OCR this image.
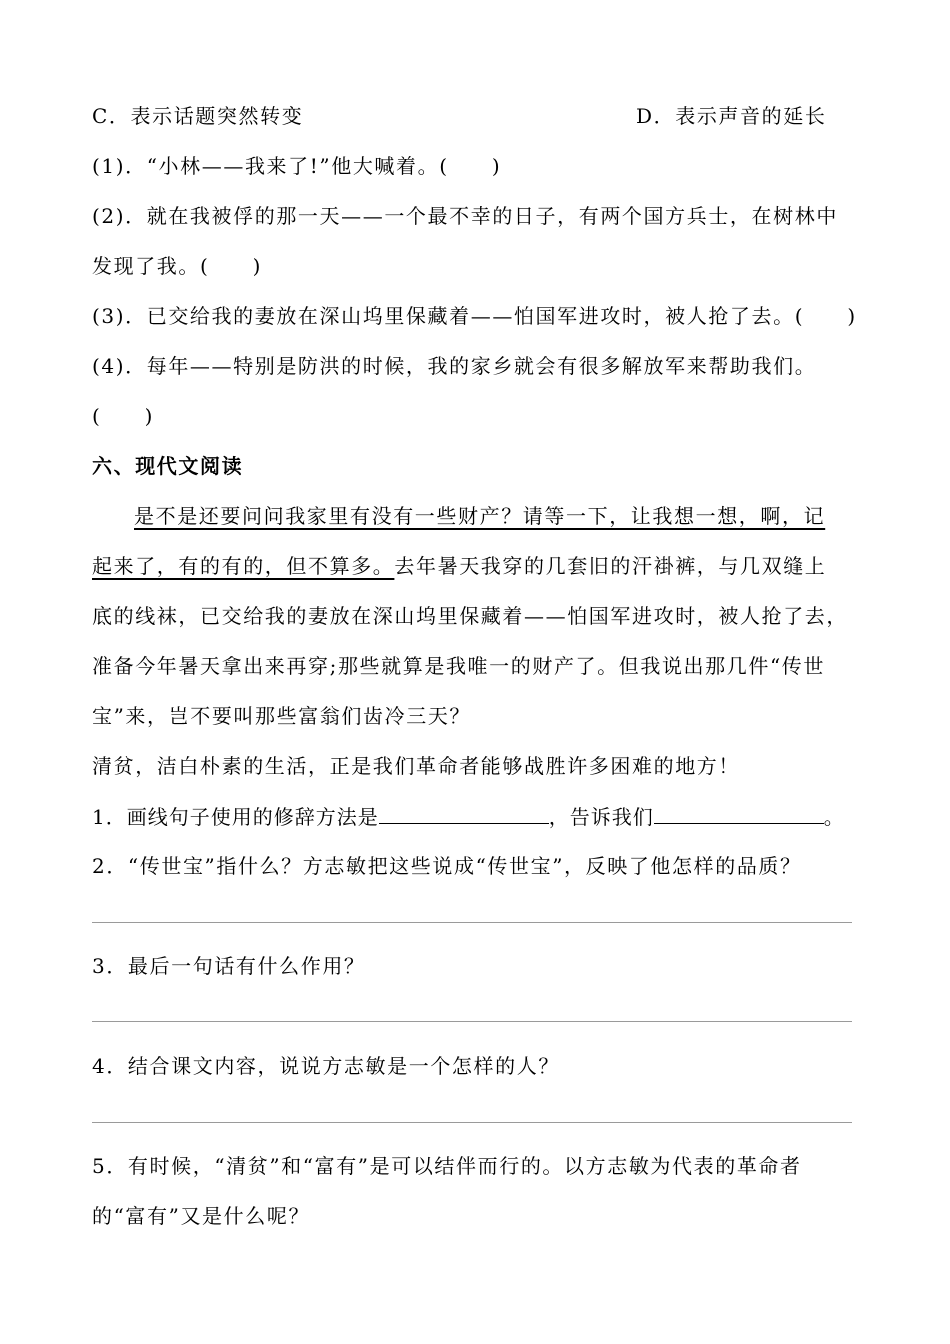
C．表示话题突然转变	D．表示声音的延长
(1)．“小林——我来了!”他大喊着。(　　)
(2)．就在我被俘的那一天——一个最不幸的日子，有两个国方兵士，在树林中
发现了我。(　　)
(3)．已交给我的妻放在深山坞里保藏着——怕国军进攻时，被人抢了去。(　　)
(4)．每年——特别是防洪的时候，我的家乡就会有很多解放军来帮助我们。
(　　)
六、现代文阅读
是不是还要问问我家里有没有一些财产？请等一下，让我想一想，啊，记
起来了，有的有的，但不算多。去年暑天我穿的几套旧的汗褂裤，与几双缝上
底的线袜，已交给我的妻放在深山坞里保藏着——怕国军进攻时，被人抢了去，
准备今年暑天拿出来再穿;那些就算是我唯一的财产了。但我说出那几件“传世
宝”来，岂不要叫那些富翁们齿冷三天？
清贫，洁白朴素的生活，正是我们革命者能够战胜许多困难的地方！
1．画线句子使用的修辞方法是	，告诉我们	。
2．“传世宝”指什么？方志敏把这些说成“传世宝”，反映了他怎样的品质？
3．最后一句话有什么作用？
4．结合课文内容，说说方志敏是一个怎样的人？
5．有时候，“清贫”和“富有”是可以结伴而行的。以方志敏为代表的革命者
的“富有”又是什么呢？
